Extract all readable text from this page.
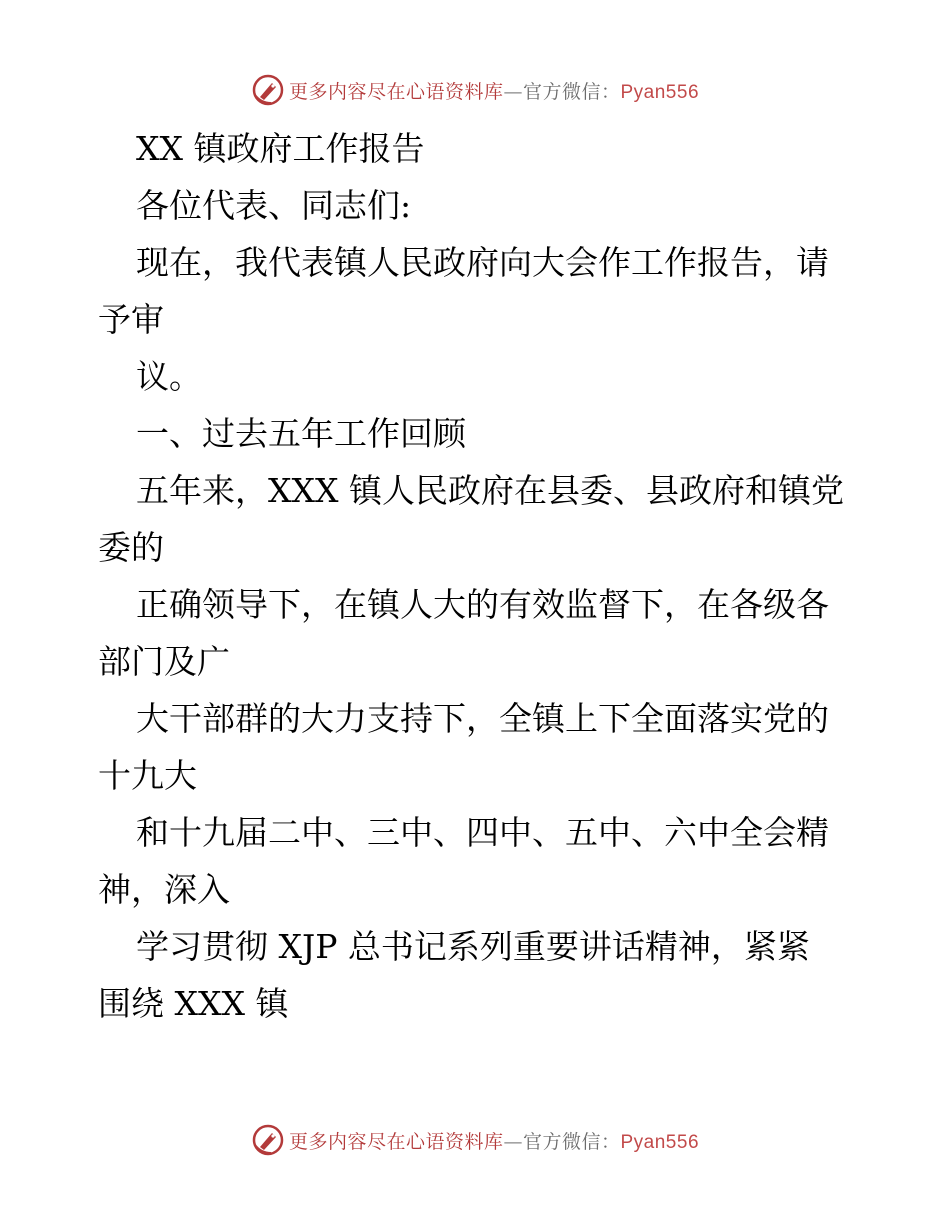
更多内容尽在心语资料库—官方微信：Pyan556
XX 镇政府工作报告
各位代表、同志们:
现在，我代表镇人民政府向大会作工作报告，请
予审
议。
一、过去五年工作回顾
五年来，XXX 镇人民政府在县委、县政府和镇党
委的
正确领导下，在镇人大的有效监督下，在各级各
部门及广
大干部群的大力支持下，全镇上下全面落实党的
十九大
和十九届二中、三中、四中、五中、六中全会精
神，深入
学习贯彻 XJP 总书记系列重要讲话精神，紧紧
围绕 XXX 镇
更多内容尽在心语资料库—官方微信：Pyan556
